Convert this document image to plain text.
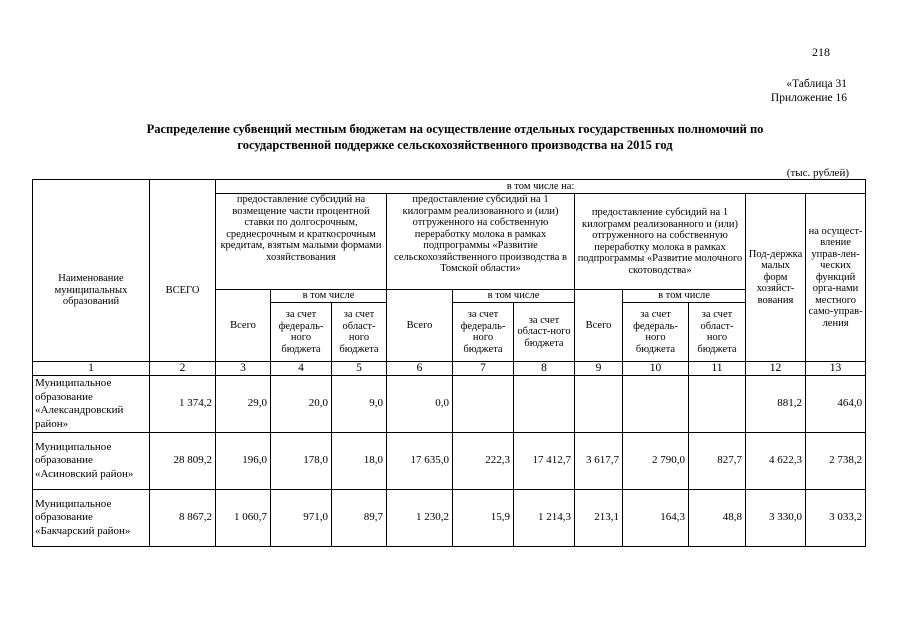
218
«Таблица 31
Приложение 16
Распределение субвенций местным бюджетам на осуществление отдельных государственных полномочий по
государственной поддержке сельскохозяйственного производства на 2015 год
(тыс. рублей)
Наименование муниципальных образований	ВСЕГО	в том числе на:										
		предоставление субсидий на возмещение части процентной ставки по долгосрочным, среднесрочным и краткосрочным кредитам, взятым малыми формами хозяйствования			предоставление субсидий на 1 килограмм реализованного и (или) отгруженного на собственную переработку молока в рамках подпрограммы «Развитие сельскохозяйственного производства в Томской области»			предоставление субсидий на 1 килограмм реализованного и (или) отгруженного на собственную переработку молока в рамках подпрограммы «Развитие молочного скотоводства»			Под-держка малых форм хозяйст-вования	на осущест-вление управ-лен-ческих функций орга-нами местного само-управ-ления
		Всего	в том числе		Всего	в том числе		Всего	в том числе			
			за счет федераль-ного бюджета	за счет област-ного бюджета		за счет федераль-ного бюджета	за счет област-ного бюджета		за счет федераль-ного бюджета	за счет област-ного бюджета		
1	2	3	4	5	6	7	8	9	10	11	12	13
Муниципальное образование «Александровский район»	1 374,2	29,0	20,0	9,0	0,0						881,2	464,0
Муниципальное образование «Асиновский район»	28 809,2	196,0	178,0	18,0	17 635,0	222,3	17 412,7	3 617,7	2 790,0	827,7	4 622,3	2 738,2
Муниципальное образование «Бакчарский район»	8 867,2	1 060,7	971,0	89,7	1 230,2	15,9	1 214,3	213,1	164,3	48,8	3 330,0	3 033,2
